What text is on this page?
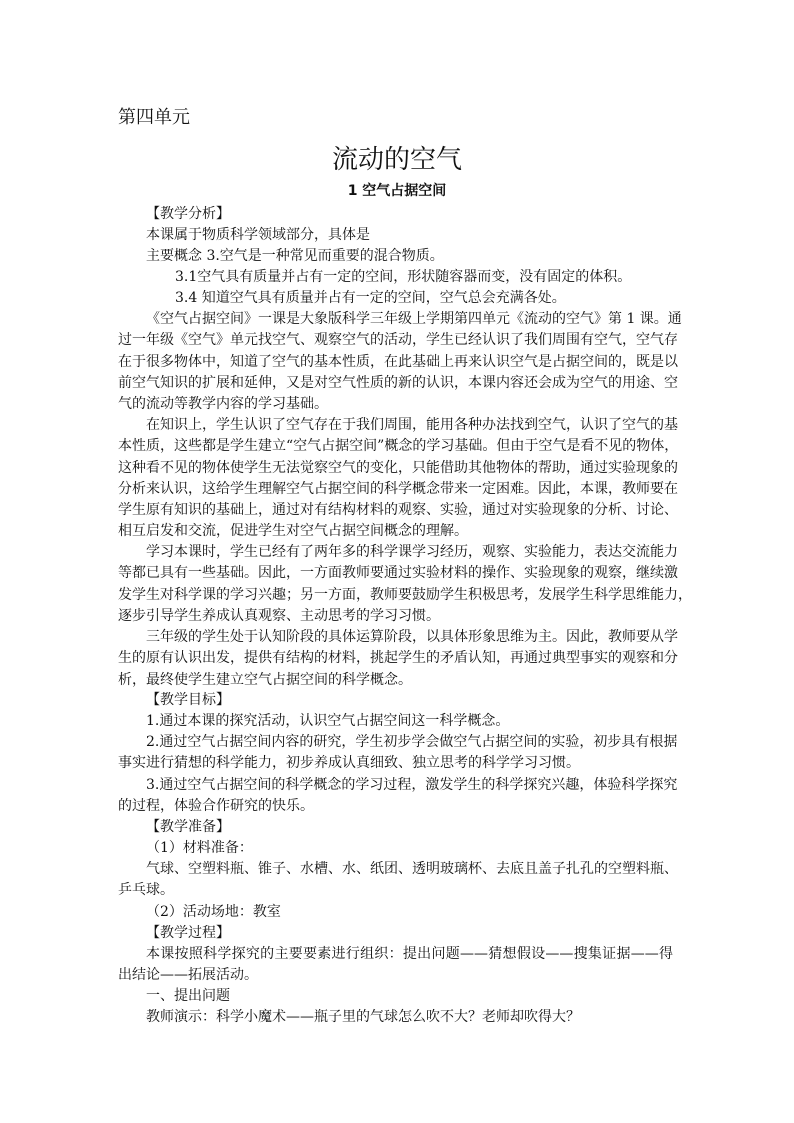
第四单元
流动的空气
1 空气占据空间
【教学分析】
本课属于物质科学领域部分，具体是
主要概念 3.空气是一种常见而重要的混合物质。
3.1空气具有质量并占有一定的空间，形状随容器而变，没有固定的体积。
3.4 知道空气具有质量并占有一定的空间，空气总会充满各处。

《空气占据空间》一课是大象版科学三年级上学期第四单元《流动的空气》第 1 课。通

过一年级《空气》单元找空气、观察空气的活动，学生已经认识了我们周围有空气，空气存

在于很多物体中，知道了空气的基本性质，在此基础上再来认识空气是占据空间的，既是以

前空气知识的扩展和延伸，又是对空气性质的新的认识，本课内容还会成为空气的用途、空

气的流动等教学内容的学习基础。

在知识上，学生认识了空气存在于我们周围，能用各种办法找到空气，认识了空气的基

本性质，这些都是学生建立“空气占据空间”概念的学习基础。但由于空气是看不见的物体，

这种看不见的物体使学生无法觉察空气的变化，只能借助其他物体的帮助，通过实验现象的

分析来认识，这给学生理解空气占据空间的科学概念带来一定困难。因此，本课，教师要在

学生原有知识的基础上，通过对有结构材料的观察、实验，通过对实验现象的分析、讨论、

相互启发和交流，促进学生对空气占据空间概念的理解。

学习本课时，学生已经有了两年多的科学课学习经历，观察、实验能力，表达交流能力

等都已具有一些基础。因此，一方面教师要通过实验材料的操作、实验现象的观察，继续激

发学生对科学课的学习兴趣；另一方面，教师要鼓励学生积极思考，发展学生科学思维能力，

逐步引导学生养成认真观察、主动思考的学习习惯。

三年级的学生处于认知阶段的具体运算阶段，以具体形象思维为主。因此，教师要从学

生的原有认识出发，提供有结构的材料，挑起学生的矛盾认知，再通过典型事实的观察和分

析，最终使学生建立空气占据空间的科学概念。

【教学目标】
1.通过本课的探究活动，认识空气占据空间这一科学概念。

2.通过空气占据空间内容的研究，学生初步学会做空气占据空间的实验，初步具有根据

事实进行猜想的科学能力，初步养成认真细致、独立思考的科学学习习惯。

3.通过空气占据空间的科学概念的学习过程，激发学生的科学探究兴趣，体验科学探究

的过程，体验合作研究的快乐。

【教学准备】
（1）材料准备：

气球、空塑料瓶、锥子、水槽、水、纸团、透明玻璃杯、去底且盖子扎孔的空塑料瓶、

乒乓球。

（2）活动场地：教室
【教学过程】

本课按照科学探究的主要要素进行组织：提出问题——猜想假设——搜集证据——得

出结论——拓展活动。

一、提出问题
教师演示：科学小魔术——瓶子里的气球怎么吹不大？老师却吹得大？
